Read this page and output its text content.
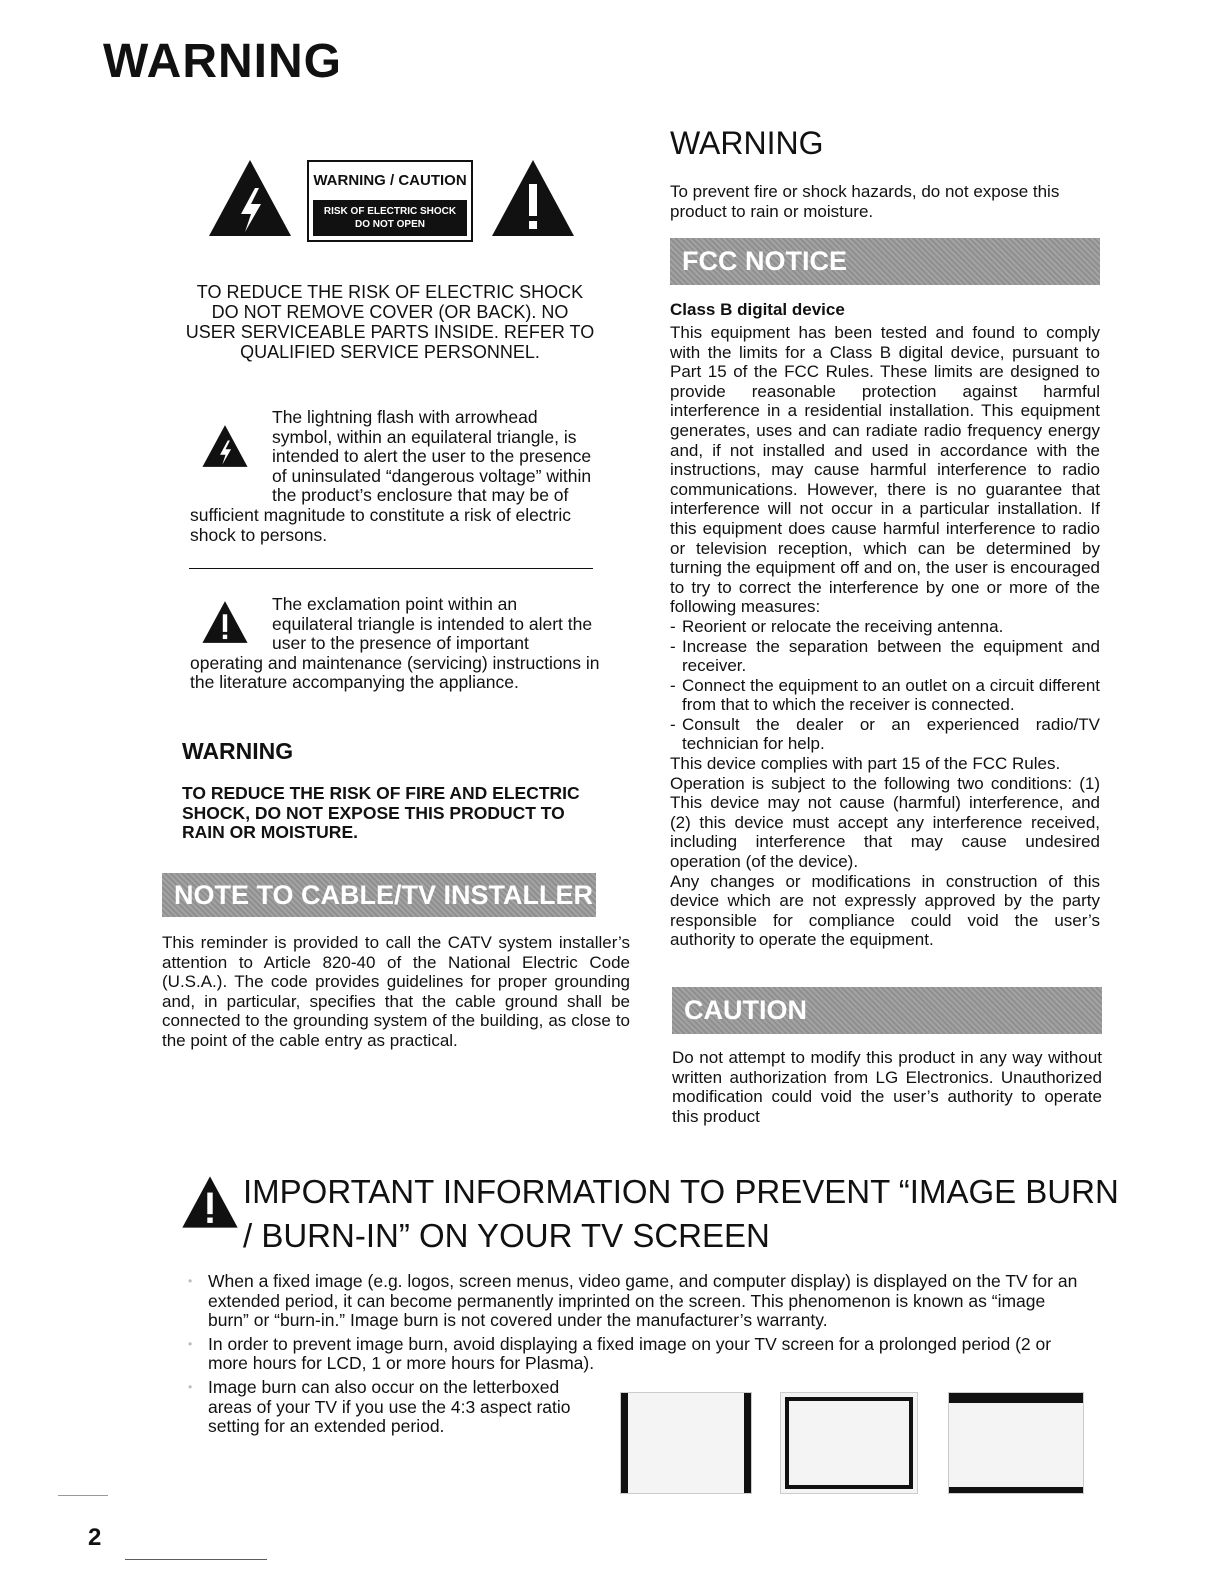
WARNING
WARNING / CAUTION
RISK OF ELECTRIC SHOCK
DO NOT OPEN
TO REDUCE THE RISK OF ELECTRIC SHOCK
DO NOT REMOVE COVER (OR BACK). NO
USER SERVICEABLE PARTS INSIDE. REFER TO
QUALIFIED SERVICE PERSONNEL.
The lightning flash with arrowhead symbol, within an equilateral triangle, is intended to alert the user to the presence of uninsulated “dangerous voltage” within the product’s enclosure that may be of sufficient magnitude to constitute a risk of electric shock to persons.
The exclamation point within an equilateral triangle is intended to alert the user to the presence of important operating and maintenance (servicing) instructions in the literature accompanying the appliance.
WARNING
TO REDUCE THE RISK OF FIRE AND ELECTRIC SHOCK, DO NOT EXPOSE THIS PRODUCT TO RAIN OR MOISTURE.
NOTE TO CABLE/TV INSTALLER
This reminder is provided to call the CATV system installer’s attention to Article 820-40 of the National Electric Code (U.S.A.). The code provides guidelines for proper grounding and, in particular, specifies that the cable ground shall be connected to the grounding system of the building, as close to the point of the cable entry as practical.
WARNING
To prevent fire or shock hazards, do not expose this product to rain or moisture.
FCC NOTICE
Class B digital device
This equipment has been tested and found to comply with the limits for a Class B digital device, pursuant to Part 15 of the FCC Rules. These limits are designed to provide reasonable protection against harmful interference in a residential installation. This equipment generates, uses and can radiate radio frequency energy and, if not installed and used in accordance with the instructions, may cause harmful interference to radio communications. However, there is no guarantee that interference will not occur in a particular installation. If this equipment does cause harmful interference to radio or television reception, which can be determined by turning the equipment off and on, the user is encouraged to try to correct the interference by one or more of the following measures:
- Reorient or relocate the receiving antenna.
- Increase the separation between the equipment and receiver.
- Connect the equipment to an outlet on a circuit different from that to which the receiver is connected.
- Consult the dealer or an experienced radio/TV technician for help.
This device complies with part 15 of the FCC Rules.
Operation is subject to the following two conditions: (1) This device may not cause (harmful) interference, and (2) this device must accept any interference received, including interference that may cause undesired operation (of the device).
Any changes or modifications in construction of this device which are not expressly approved by the party responsible for compliance could void the user’s authority to operate the equipment.
CAUTION
Do not attempt to modify this product in any way without written authorization from LG Electronics. Unauthorized modification could void the user’s authority to operate this product
IMPORTANT INFORMATION TO PREVENT “IMAGE BURN
/ BURN-IN” ON YOUR TV SCREEN
• When a fixed image (e.g. logos, screen menus, video game, and computer display) is displayed on the TV for an extended period, it can become permanently imprinted on the screen. This phenomenon is known as “image burn” or “burn-in.” Image burn is not covered under the manufacturer’s warranty.
• In order to prevent image burn, avoid displaying a fixed image on your TV screen for a prolonged period (2 or more hours for LCD, 1 or more hours for Plasma).
• Image burn can also occur on the letterboxed areas of your TV if you use the 4:3 aspect ratio setting for an extended period.
2
